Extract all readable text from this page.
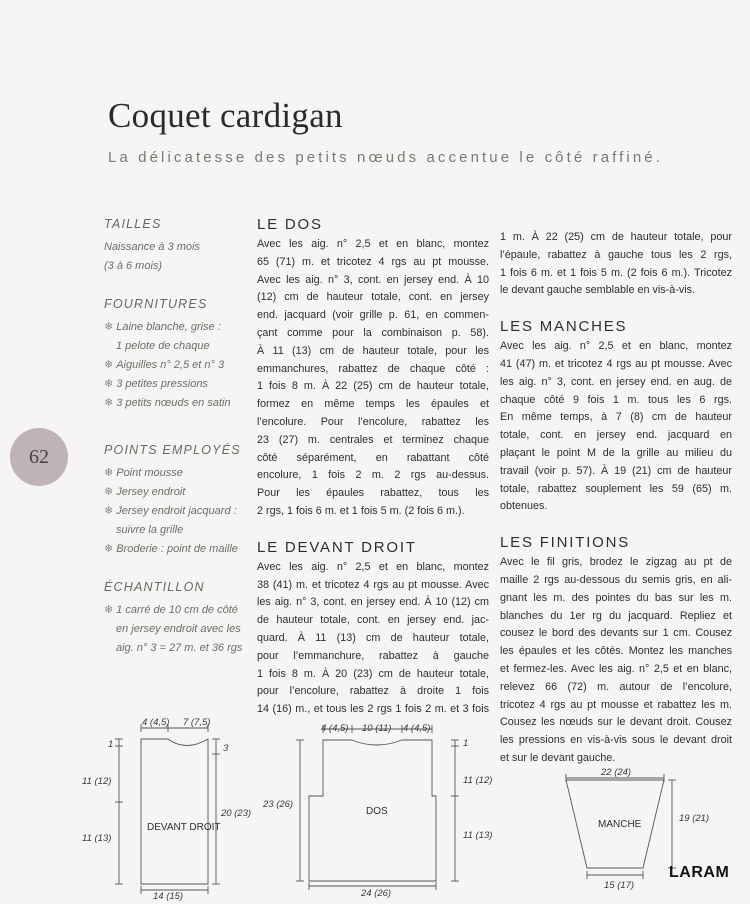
Coquet cardigan
La délicatesse des petits nœuds accentue le côté raffiné.
62
TAILLES
Naissance à 3 mois
(3 à 6 mois)
FOURNITURES
❄ Laine blanche, grise :
1 pelote de chaque
❄ Aiguilles n° 2,5 et n° 3
❄ 3 petites pressions
❄ 3 petits nœuds en satin
POINTS EMPLOYÉS
❄ Point mousse
❄ Jersey endroit
❄ Jersey endroit jacquard :
suivre la grille
❄ Broderie : point de maille
ÉCHANTILLON
❄ 1 carré de 10 cm de côté
en jersey endroit avec les
aig. n° 3 = 27 m. et 36 rgs
LE DOS
Avec les aig. n° 2,5 et en blanc, montez
65 (71) m. et tricotez 4 rgs au pt mousse.
Avec les aig. n° 3, cont. en jersey end. À 10
(12) cm de hauteur totale, cont. en jersey
end. jacquard (voir grille p. 61, en commen-
çant comme pour la combinaison p. 58).
À 11 (13) cm de hauteur totale, pour les
emmanchures, rabattez de chaque côté :
1 fois 8 m. À 22 (25) cm de hauteur totale,
formez en même temps les épaules et
l’encolure. Pour l’encolure, rabattez les
23 (27) m. centrales et terminez chaque
côté séparément, en rabattant côté
encolure, 1 fois 2 m. 2 rgs au-dessus.
Pour les épaules rabattez, tous les
2 rgs, 1 fois 6 m. et 1 fois 5 m. (2 fois 6 m.).
LE DEVANT DROIT
Avec les aig. n° 2,5 et en blanc, montez
38 (41) m. et tricotez 4 rgs au pt mousse. Avec
les aig. n° 3, cont. en jersey end. À 10 (12) cm
de hauteur totale, cont. en jersey end. jac-
quard. À 11 (13) cm de hauteur totale,
pour l’emmanchure, rabattez à gauche
1 fois 8 m. À 20 (23) cm de hauteur totale,
pour l’encolure, rabattez à droite 1 fois
14 (16) m., et tous les 2 rgs 1 fois 2 m. et 3 fois
1 m. À 22 (25) cm de hauteur totale, pour
l’épaule, rabattez à gauche tous les 2 rgs,
1 fois 6 m. et 1 fois 5 m. (2 fois 6 m.). Tricotez
le devant gauche semblable en vis-à-vis.
LES MANCHES
Avec les aig. n° 2,5 et en blanc, montez
41 (47) m. et tricotez 4 rgs au pt mousse. Avec
les aig. n° 3, cont. en jersey end. en aug. de
chaque côté 9 fois 1 m. tous les 6 rgs.
En même temps, à 7 (8) cm de hauteur
totale, cont. en jersey end. jacquard en
plaçant le point M de la grille au milieu du
travail (voir p. 57). À 19 (21) cm de hauteur
totale, rabattez souplement les 59 (65) m.
obtenues.
LES FINITIONS
Avec le fil gris, brodez le zigzag au pt de
maille 2 rgs au-dessous du semis gris, en ali-
gnant les m. des pointes du bas sur les m.
blanches du 1er rg du jacquard. Repliez et
cousez le bord des devants sur 1 cm. Cousez
les épaules et les côtés. Montez les manches
et fermez-les. Avec les aig. n° 2,5 et en blanc,
relevez 66 (72) m. autour de l’encolure,
tricotez 4 rgs au pt mousse et rabattez les m.
Cousez les nœuds sur le devant droit. Cousez
les pressions en vis-à-vis sous le devant droit
et sur le devant gauche.
4 (4,5) 7 (7,5)
1
11 (12)
11 (13)
3
20 (23)
14 (15)
4 (4,5) 10 (11) 4 (4,5)
23 (26)
1
11 (12)
11 (13)
24 (26)
22 (24)
19 (21)
15 (17)
DEVANT DROIT
DOS
MANCHE
LARAM
